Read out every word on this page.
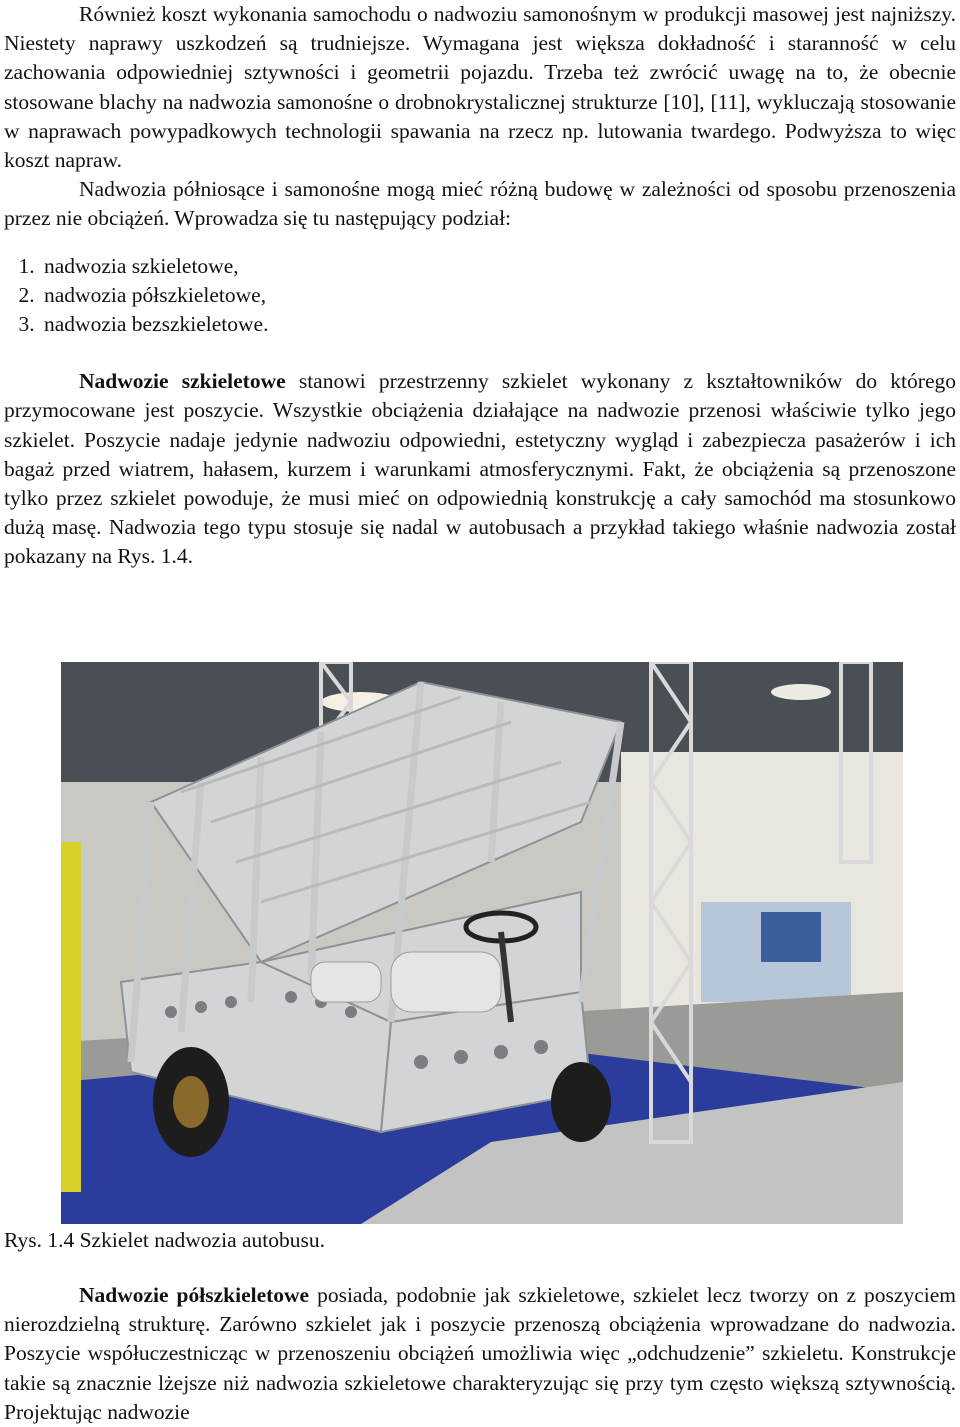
Również koszt wykonania samochodu o nadwoziu samonośnym w produkcji masowej jest najniższy. Niestety naprawy uszkodzeń są trudniejsze. Wymagana jest większa dokładność i staranność w celu zachowania odpowiedniej sztywności i geometrii pojazdu. Trzeba też zwrócić uwagę na to, że obecnie stosowane blachy na nadwozia samonośne o drobnokrystalicznej strukturze [10], [11], wykluczają stosowanie w naprawach powypadkowych technologii spawania na rzecz np. lutowania twardego. Podwyższa to więc koszt napraw.

Nadwozia półniosące i samonośne mogą mieć różną budowę w zależności od sposobu przenoszenia przez nie obciążeń. Wprowadza się tu następujący podział:

1. nadwozia szkieletowe,
2. nadwozia półszkieletowe,
3. nadwozia bezszkieletowe.

Nadwozie szkieletowe stanowi przestrzenny szkielet wykonany z kształtowników do którego przymocowane jest poszycie. Wszystkie obciążenia działające na nadwozie przenosi właściwie tylko jego szkielet. Poszycie nadaje jedynie nadwoziu odpowiedni, estetyczny wygląd i zabezpiecza pasażerów i ich bagaż przed wiatrem, hałasem, kurzem i warunkami atmosferycznymi. Fakt, że obciążenia są przenoszone tylko przez szkielet powoduje, że musi mieć on odpowiednią konstrukcję a cały samochód ma stosunkowo dużą masę. Nadwozia tego typu stosuje się nadal w autobusach a przykład takiego właśnie nadwozia został pokazany na Rys. 1.4.

Rys. 1.4 Szkielet nadwozia autobusu.

Nadwozie półszkieletowe posiada, podobnie jak szkieletowe, szkielet lecz tworzy on z poszyciem nierozdzielną strukturę. Zarówno szkielet jak i poszycie przenoszą obciążenia wprowadzane do nadwozia. Poszycie współuczestnicząc w przenoszeniu obciążeń umożliwia więc „odchudzenie” szkieletu. Konstrukcje takie są znacznie lżejsze niż nadwozia szkieletowe charakteryzując się przy tym często większą sztywnością. Projektując nadwozie
